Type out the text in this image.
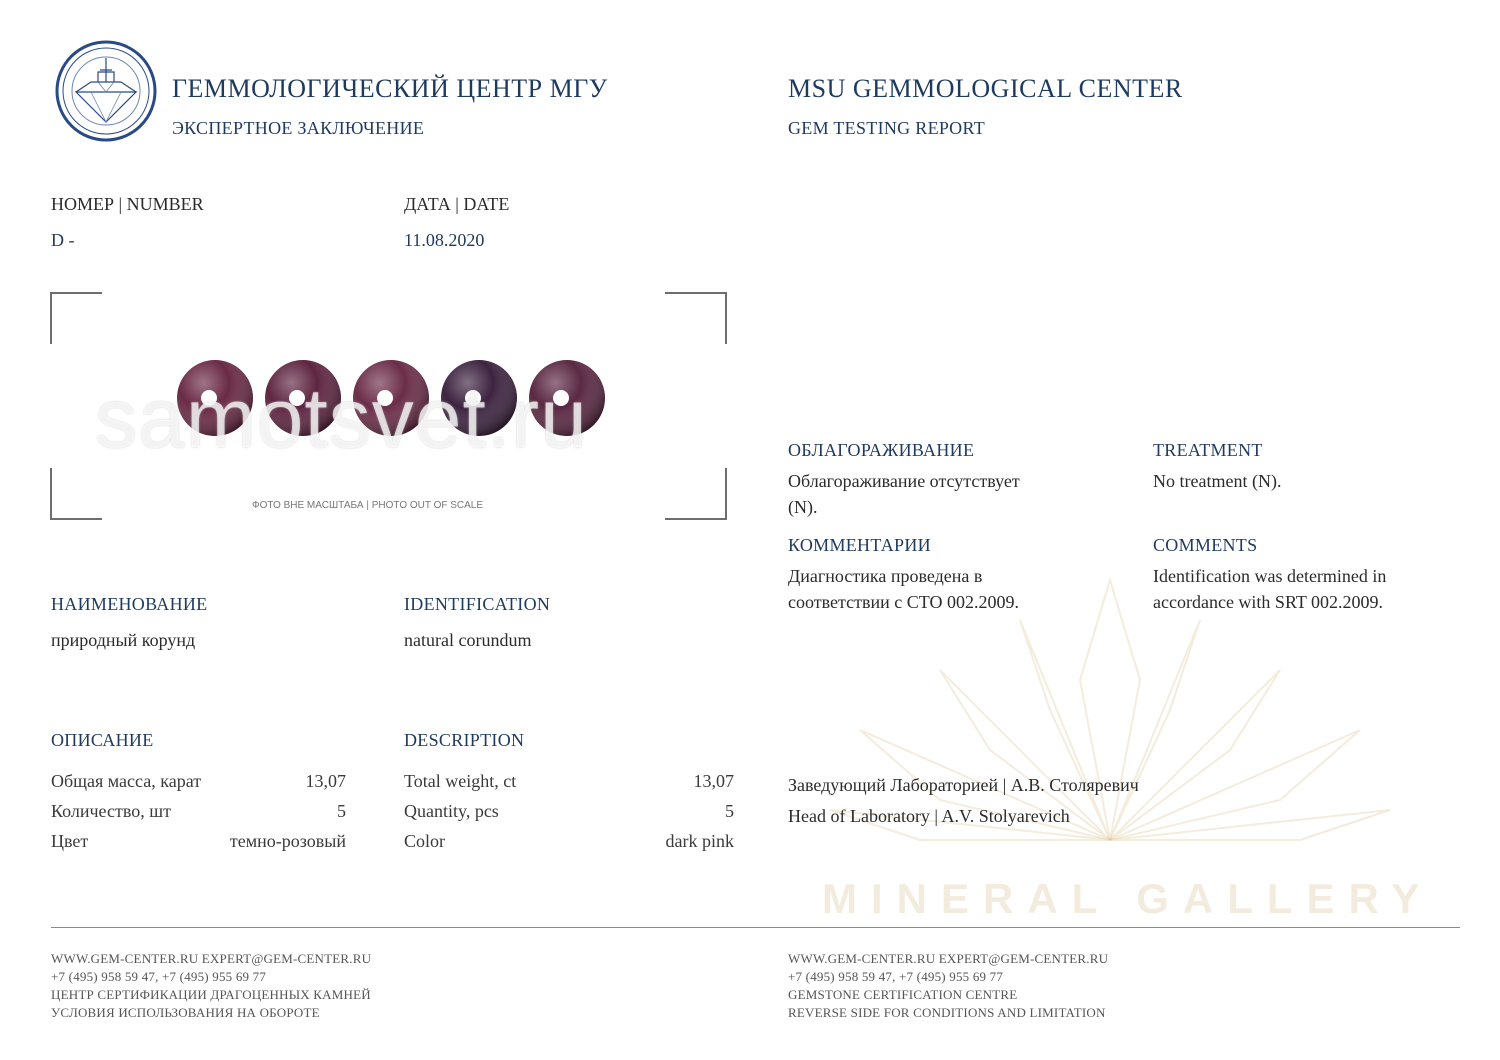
MINERAL GALLERY
ГЕММОЛОГИЧЕСКИЙ ЦЕНТР МГУ
ЭКСПЕРТНОЕ ЗАКЛЮЧЕНИЕ
MSU GEMMOLOGICAL CENTER
GEM TESTING REPORT
НОМЕР | NUMBER
D -
ДАТА | DATE
11.08.2020
samotsvet.ru
ФОТО ВНЕ МАСШТАБА | PHOTO OUT OF SCALE
НАИМЕНОВАНИЕ
природный корунд
IDENTIFICATION
natural corundum
ОПИСАНИЕ	DESCRIPTION
Общая масса, карат	13,07
Количество, шт	5
Цвет	темно-розовый
Total weight, ct	13,07
Quantity, pcs	5
Color	dark pink
ОБЛАГОРАЖИВАНИЕ
Облагораживание отсутствует
(N).
TREATMENT
No treatment (N).
КОММЕНТАРИИ
Диагностика проведена в
соответствии с СТО 002.2009.
COMMENTS
Identification was determined in
accordance with SRT 002.2009.
Заведующий Лабораторией | А.В. Столяревич
Head of Laboratory | A.V. Stolyarevich
WWW.GEM-CENTER.RU EXPERT@GEM-CENTER.RU
+7 (495) 958 59 47, +7 (495) 955 69 77
ЦЕНТР СЕРТИФИКАЦИИ ДРАГОЦЕННЫХ КАМНЕЙ
УСЛОВИЯ ИСПОЛЬЗОВАНИЯ НА ОБОРОТЕ
WWW.GEM-CENTER.RU EXPERT@GEM-CENTER.RU
+7 (495) 958 59 47, +7 (495) 955 69 77
GEMSTONE CERTIFICATION CENTRE
REVERSE SIDE FOR CONDITIONS AND LIMITATION
